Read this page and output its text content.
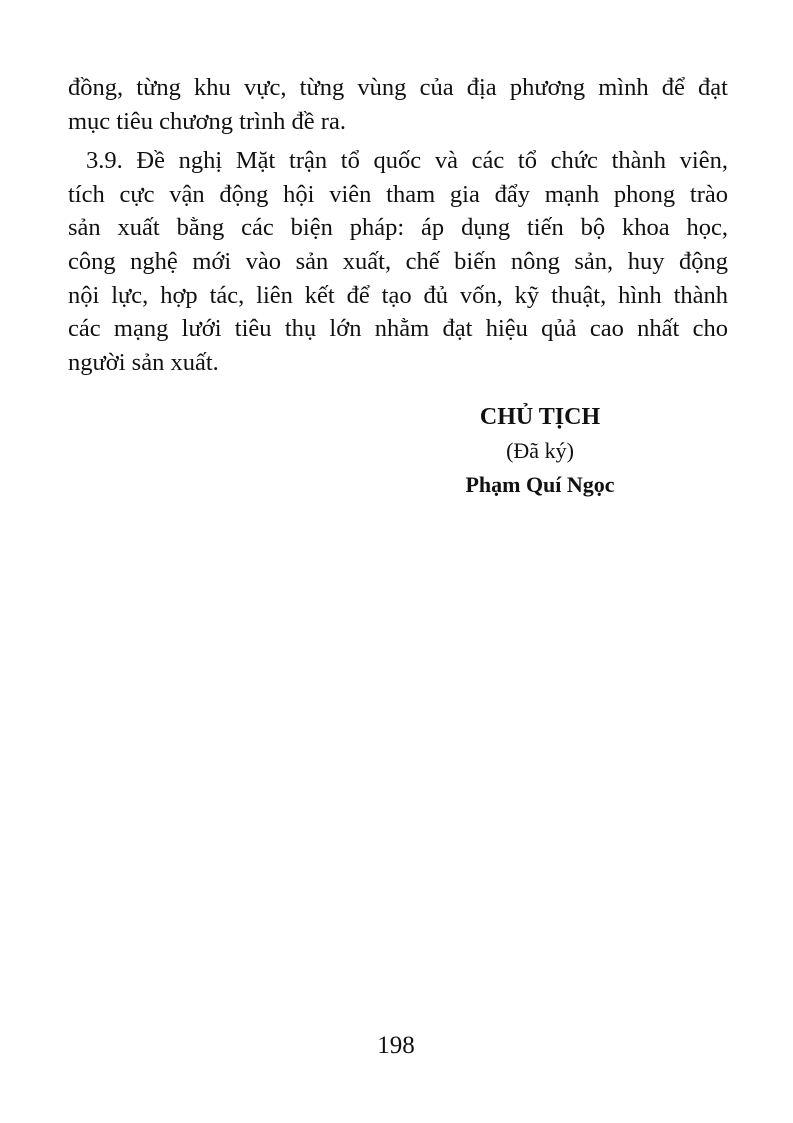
đồng, từng khu vực, từng vùng của địa phương mình để đạt
mục tiêu chương trình đề ra.
3.9. Đề nghị Mặt trận tổ quốc và các tổ chức thành viên,
tích cực vận động hội viên tham gia đẩy mạnh phong trào
sản xuất bằng các biện pháp: áp dụng tiến bộ khoa học,
công nghệ mới vào sản xuất, chế biến nông sản, huy động
nội lực, hợp tác, liên kết để tạo đủ vốn, kỹ thuật, hình thành
các mạng lưới tiêu thụ lớn nhằm đạt hiệu qủả cao nhất cho
người sản xuất.
CHỦ TỊCH
(Đã ký)
Phạm Quí Ngọc
198
